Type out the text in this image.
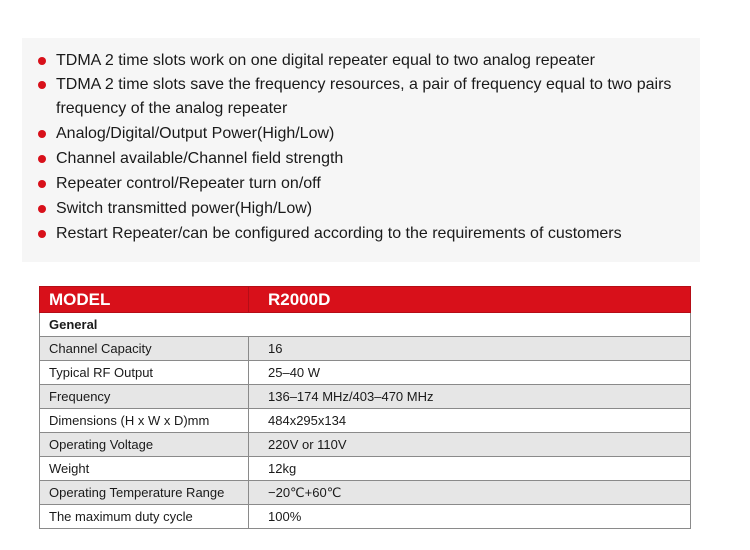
TDMA 2 time slots work on one digital repeater equal to two analog repeater
TDMA 2 time slots save the frequency resources, a pair of frequency equal to two pairs
frequency of the analog repeater
Analog/Digital/Output Power(High/Low)
Channel available/Channel field strength
Repeater control/Repeater turn on/off
Switch transmitted power(High/Low)
Restart Repeater/can be configured according to the requirements of customers
MODEL	R2000D
General	
Channel Capacity	16
Typical RF Output	25–40 W
Frequency	136–174 MHz/403–470 MHz
Dimensions (H x W x D)mm	484x295x134
Operating Voltage	220V or 110V
Weight	12kg
Operating Temperature Range	−20℃+60℃
The maximum duty cycle	100%
